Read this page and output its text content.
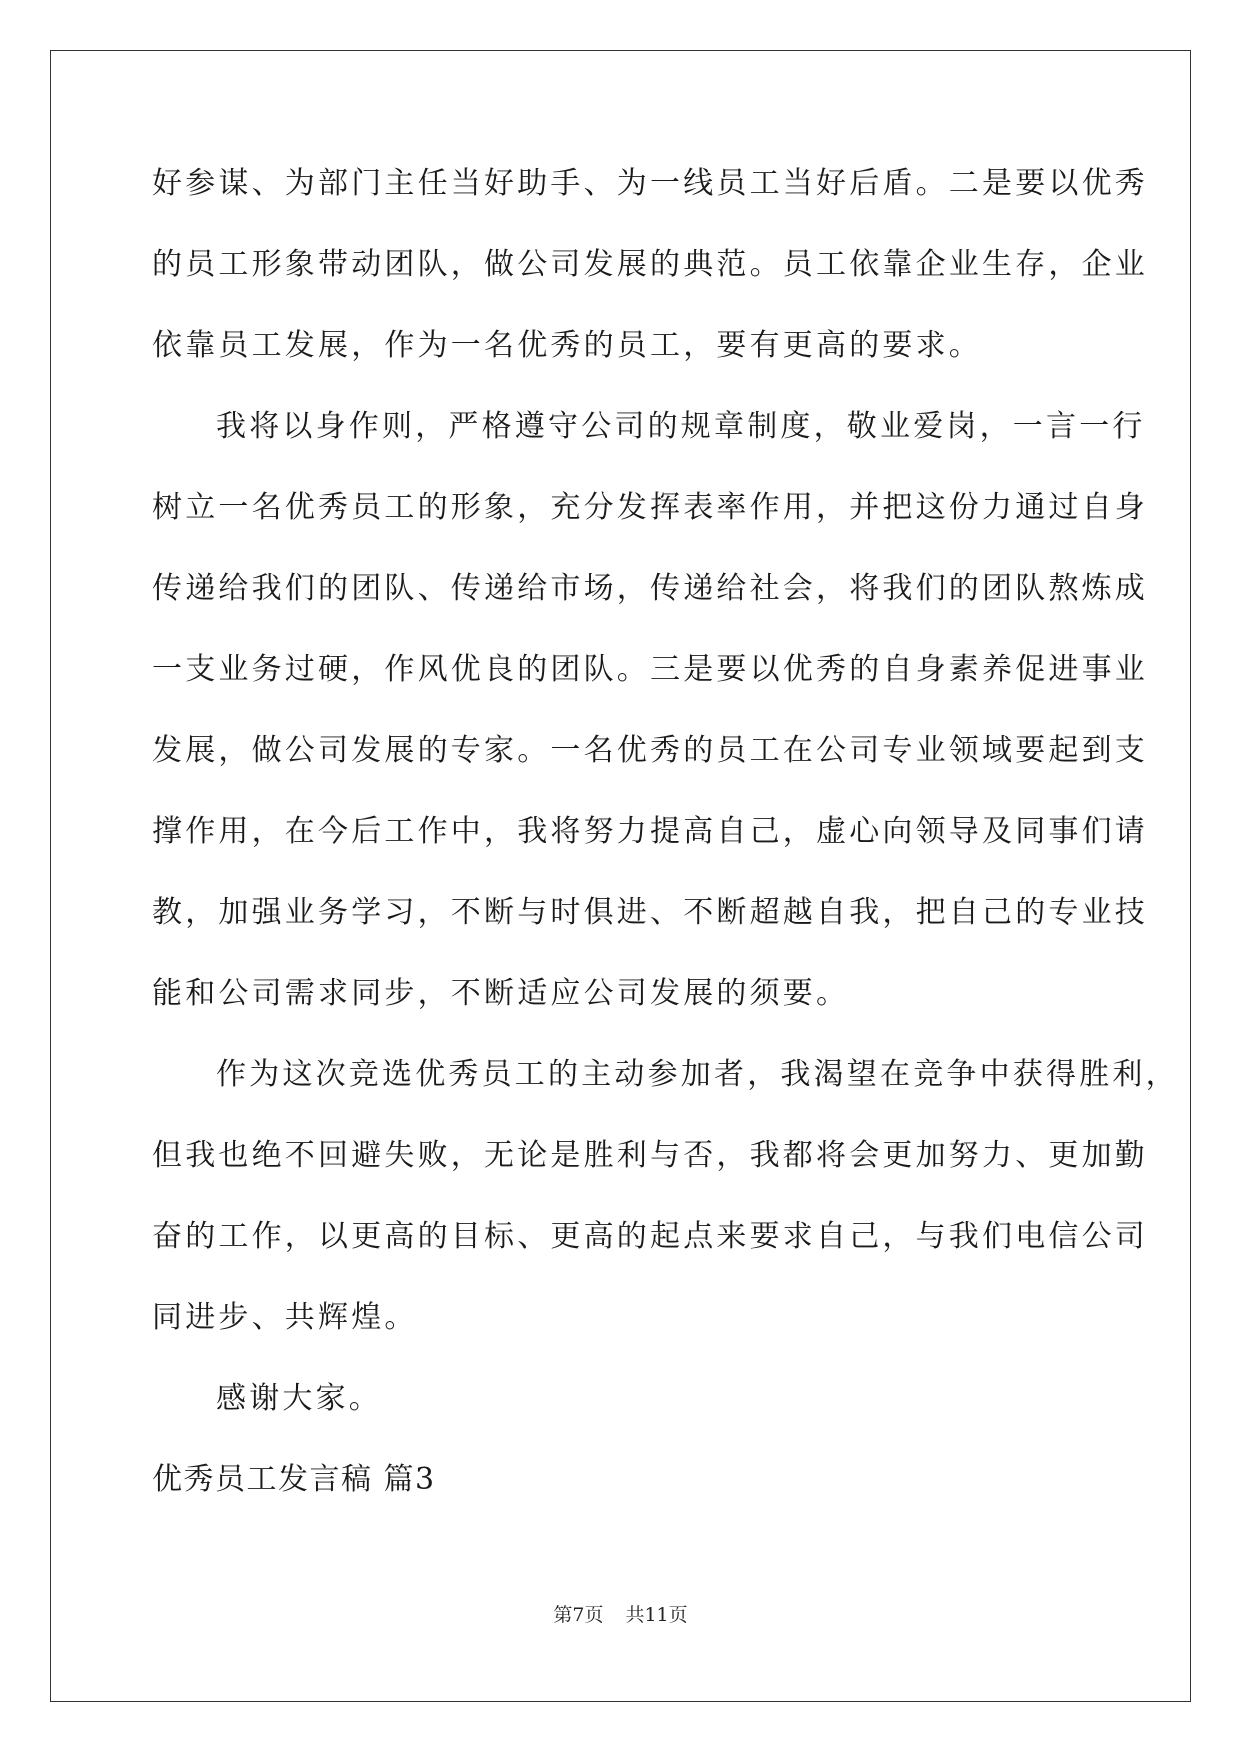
好参谋、为部门主任当好助手、为一线员工当好后盾。二是要以优秀
的员工形象带动团队，做公司发展的典范。员工依靠企业生存，企业
依靠员工发展，作为一名优秀的员工，要有更高的要求。
我将以身作则，严格遵守公司的规章制度，敬业爱岗，一言一行
树立一名优秀员工的形象，充分发挥表率作用，并把这份力通过自身
传递给我们的团队、传递给市场，传递给社会，将我们的团队熬炼成
一支业务过硬，作风优良的团队。三是要以优秀的自身素养促进事业
发展，做公司发展的专家。一名优秀的员工在公司专业领域要起到支
撑作用，在今后工作中，我将努力提高自己，虚心向领导及同事们请
教，加强业务学习，不断与时俱进、不断超越自我，把自己的专业技
能和公司需求同步，不断适应公司发展的须要。
作为这次竞选优秀员工的主动参加者，我渴望在竞争中获得胜利，
但我也绝不回避失败，无论是胜利与否，我都将会更加努力、更加勤
奋的工作，以更高的目标、更高的起点来要求自己，与我们电信公司
同进步、共辉煌。
感谢大家。
优秀员工发言稿 篇3
第7页 共11页
